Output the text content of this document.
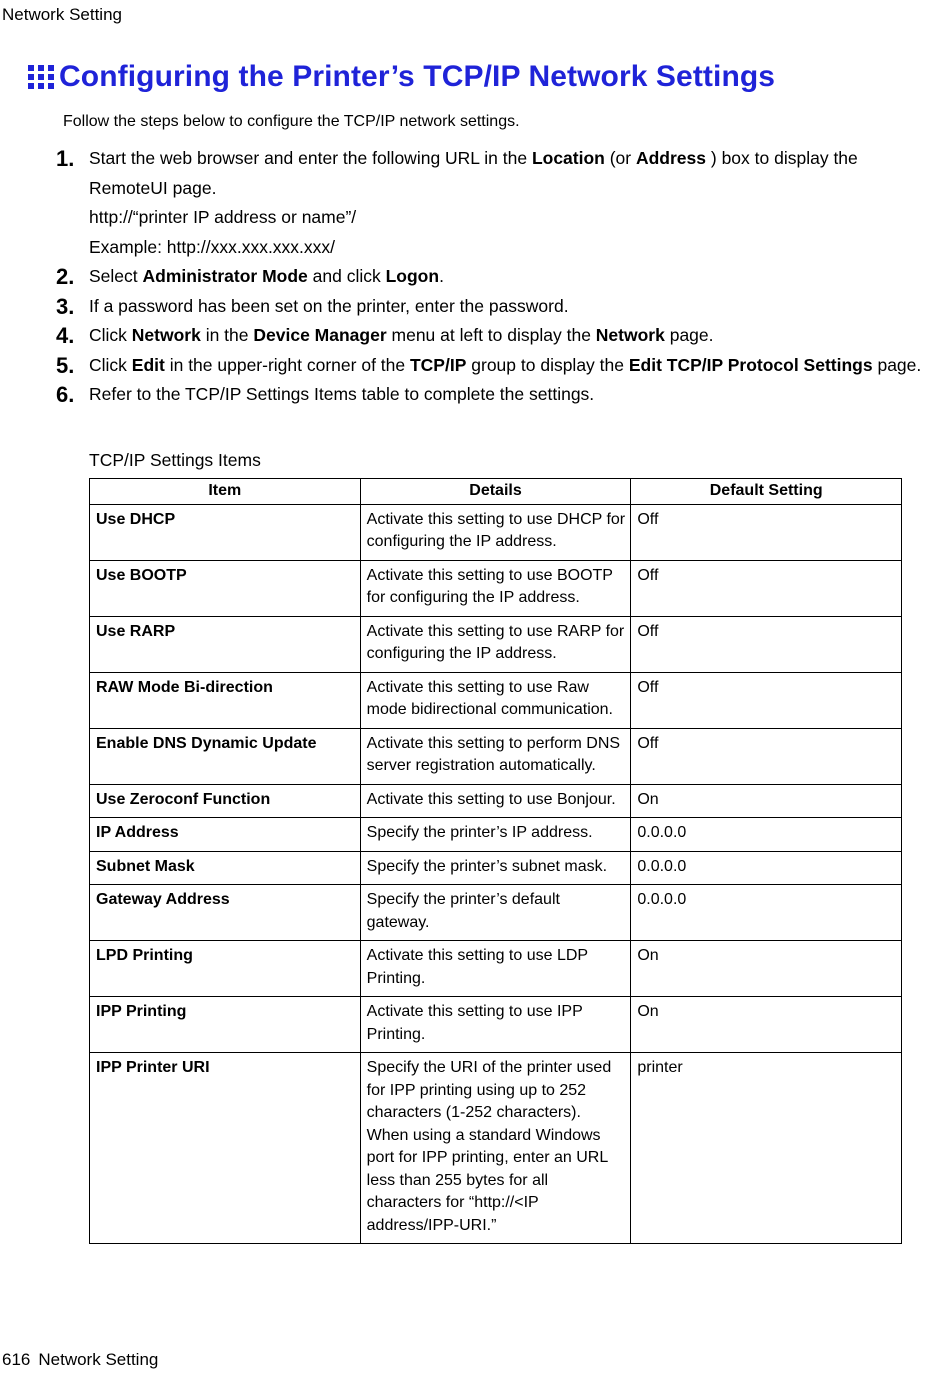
Network Setting
Configuring the Printer’s TCP/IP Network Settings
Follow the steps below to configure the TCP/IP network settings.
1. Start the web browser and enter the following URL in the Location (or Address ) box to display the RemoteUI page.
http://“printer IP address or name”/
Example: http://xxx.xxx.xxx.xxx/
2. Select Administrator Mode and click Logon.
3. If a password has been set on the printer, enter the password.
4. Click Network in the Device Manager menu at left to display the Network page.
5. Click Edit in the upper-right corner of the TCP/IP group to display the Edit TCP/IP Protocol Settings page.
6. Refer to the TCP/IP Settings Items table to complete the settings.
TCP/IP Settings Items
Item	Details	Default Setting
Use DHCP	Activate this setting to use DHCP for configuring the IP address.	Off
Use BOOTP	Activate this setting to use BOOTP for configuring the IP address.	Off
Use RARP	Activate this setting to use RARP for configuring the IP address.	Off
RAW Mode Bi-direction	Activate this setting to use Raw mode bidirectional communication.	Off
Enable DNS Dynamic Update	Activate this setting to perform DNS server registration automatically.	Off
Use Zeroconf Function	Activate this setting to use Bonjour.	On
IP Address	Specify the printer’s IP address.	0.0.0.0
Subnet Mask	Specify the printer’s subnet mask.	0.0.0.0
Gateway Address	Specify the printer’s default gateway.	0.0.0.0
LPD Printing	Activate this setting to use LDP Printing.	On
IPP Printing	Activate this setting to use IPP Printing.	On
IPP Printer URI	Specify the URI of the printer used for IPP printing using up to 252 characters (1-252 characters). When using a standard Windows port for IPP printing, enter an URL less than 255 bytes for all characters for “http://<IP address/IPP-URI.”	printer
616 Network Setting
